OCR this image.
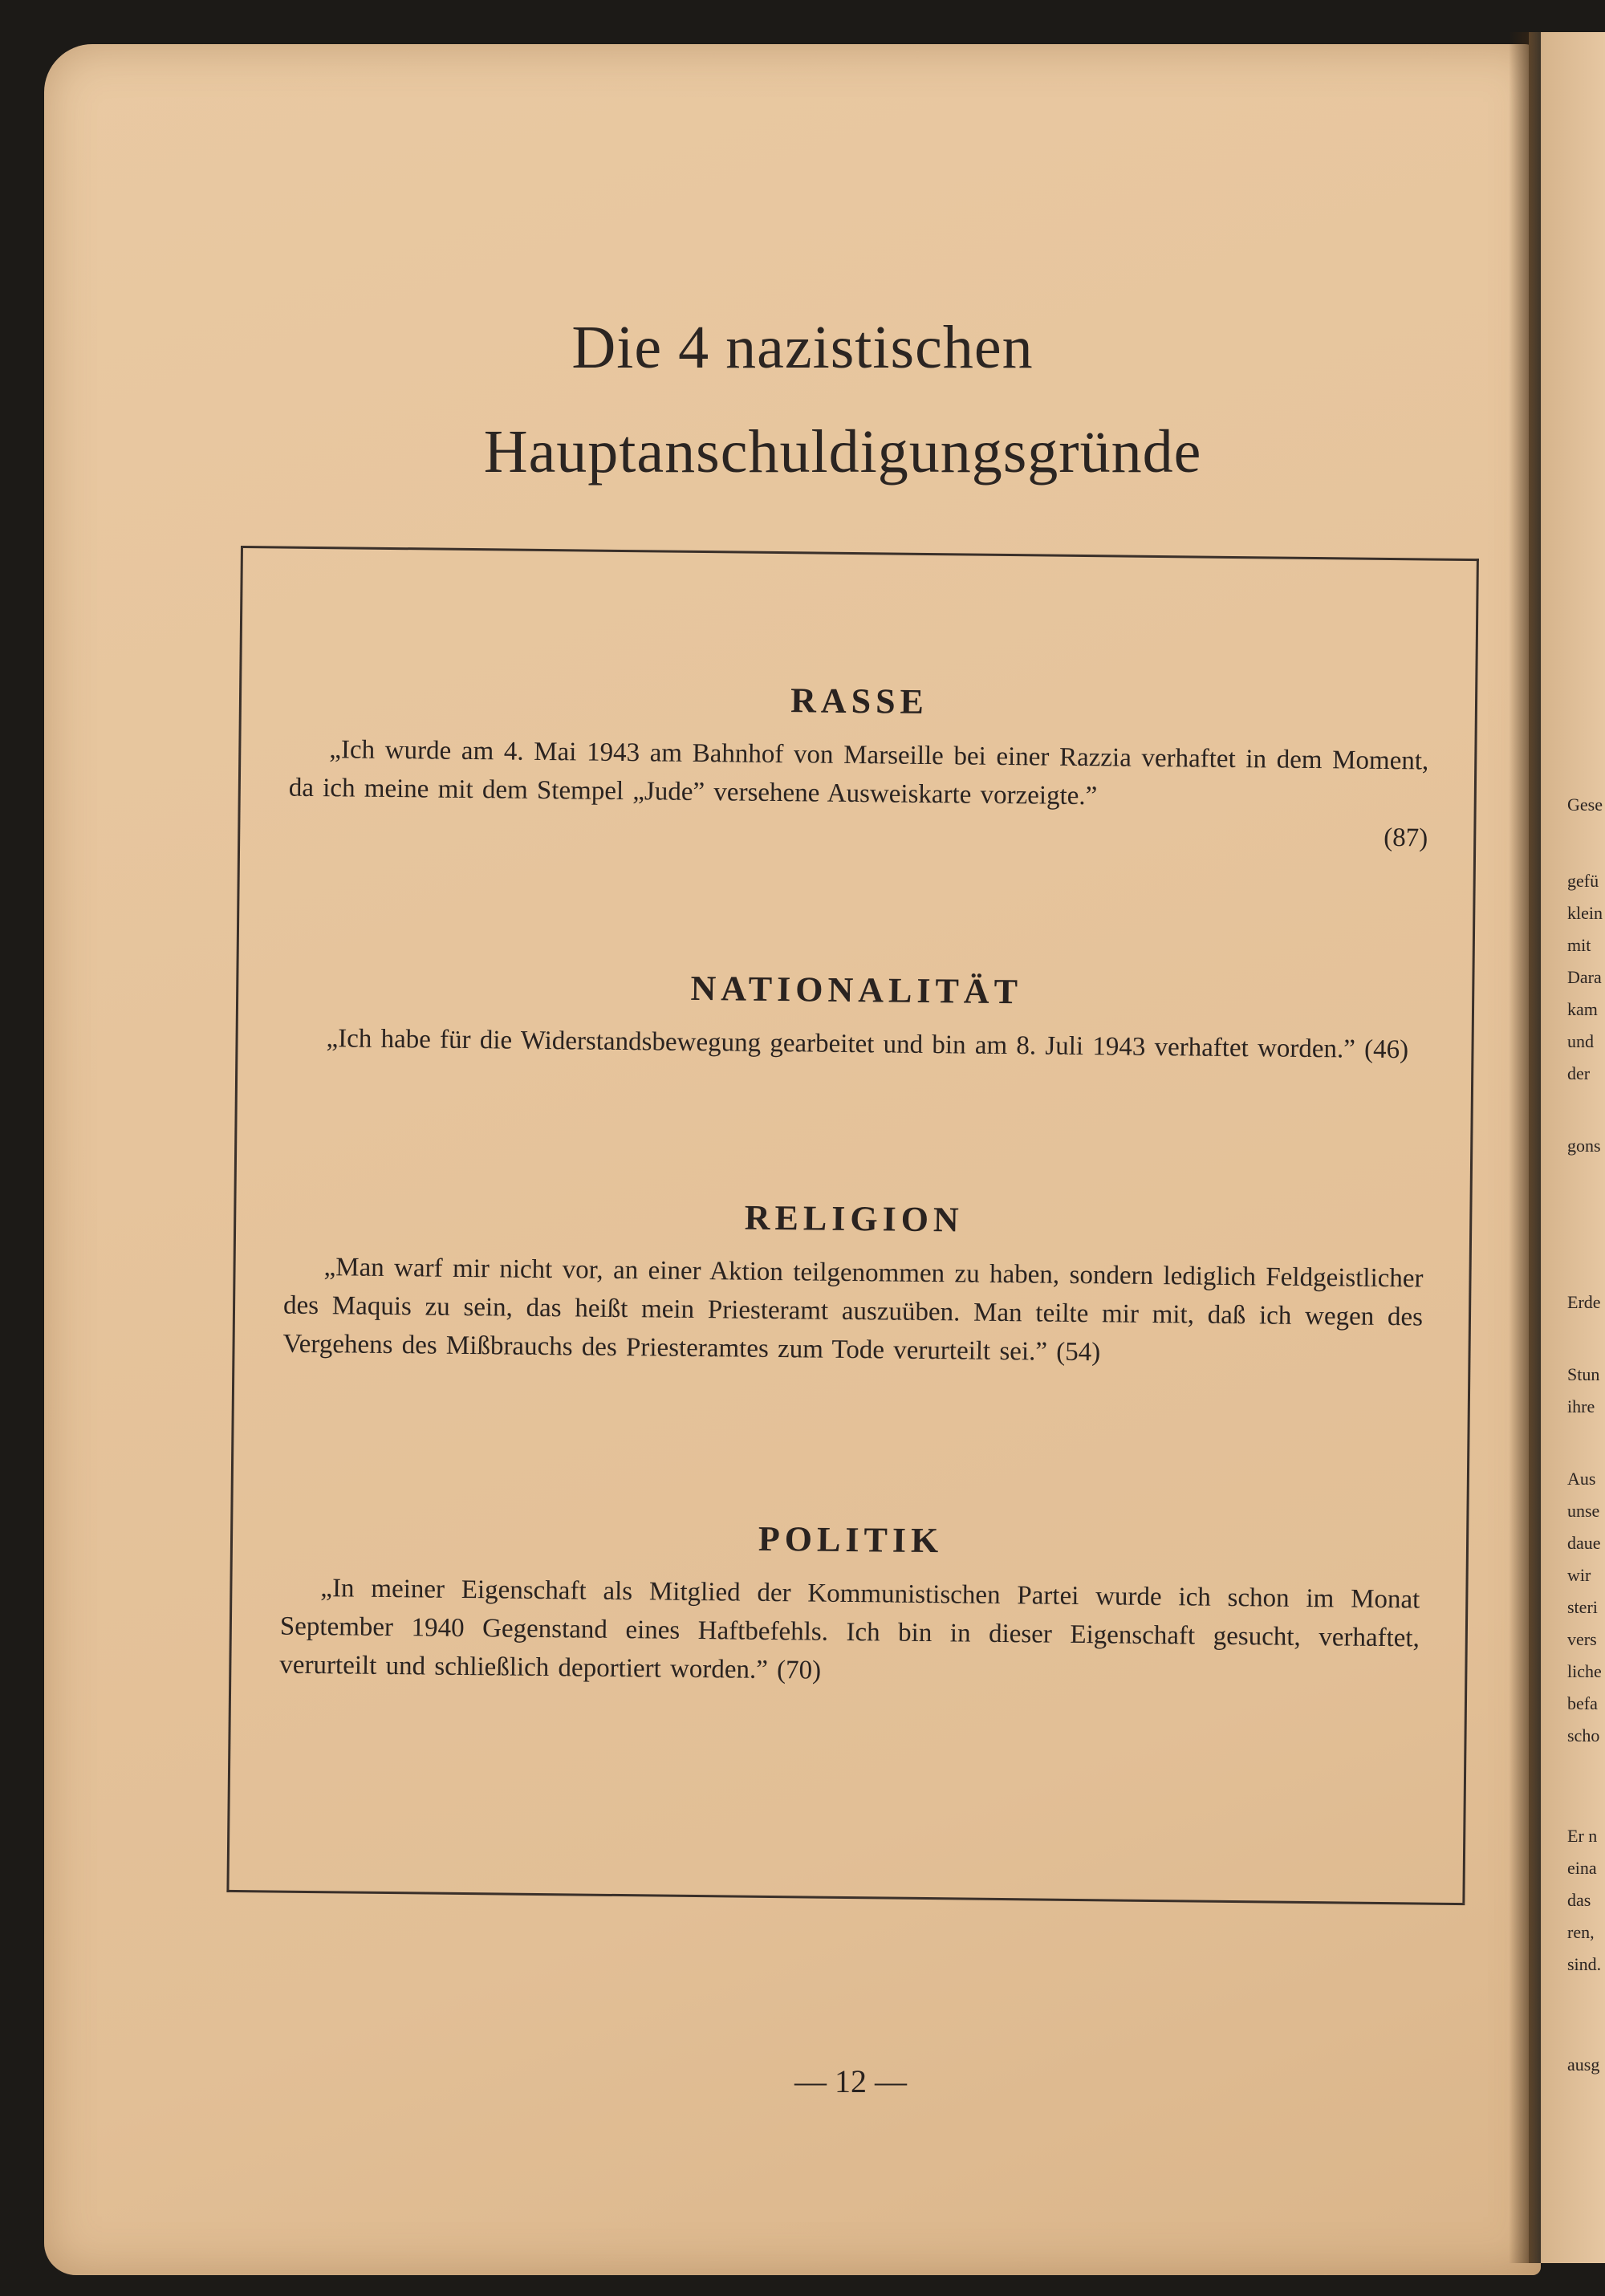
Gese
gefü
klein
mit
Dara
kam
und
der
gons
Erde
Stun
ihre
Aus
unse
daue
wir
steri
vers
liche
befa
scho
Er n
eina
das
ren,
sind.
ausg
Die 4 nazistischen
Hauptanschuldigungsgründe
RASSE

„Ich wurde am 4. Mai 1943 am Bahnhof von Marseille bei einer Razzia verhaftet in dem Moment, da ich meine mit dem Stempel „Jude” versehene Ausweiskarte vorzeigte.”

(87)
NATIONALITÄT

„Ich habe für die Widerstandsbewegung gearbeitet und bin am 8. Juli 1943 verhaftet worden.” (46)

RELIGION

„Man warf mir nicht vor, an einer Aktion teilgenommen zu haben, sondern lediglich Feldgeistlicher des Maquis zu sein, das heißt mein Priesteramt auszuüben. Man teilte mir mit, daß ich wegen des Vergehens des Mißbrauchs des Priesteramtes zum Tode verurteilt sei.” (54)

POLITIK

„In meiner Eigenschaft als Mitglied der Kommunistischen Partei wurde ich schon im Monat September 1940 Gegenstand eines Haftbefehls. Ich bin in dieser Eigenschaft gesucht, verhaftet, verurteilt und schließlich deportiert worden.” (70)

— 12 —
